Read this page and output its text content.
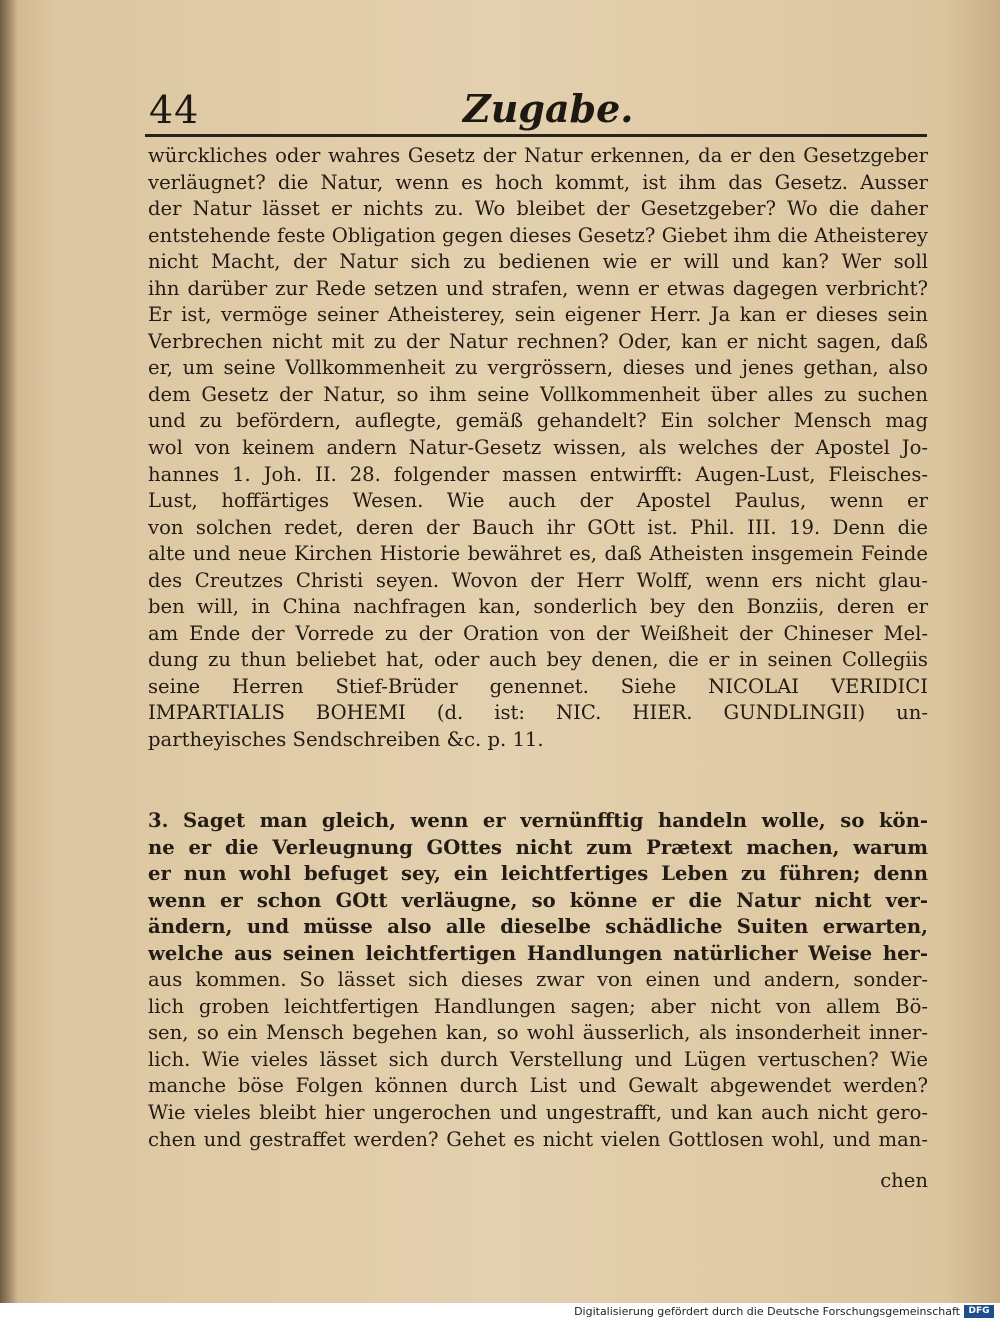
44	Zugabe.
würckliches oder wahres Gesetz der Natur erkennen, da er den Gesetzgeber
verläugnet? die Natur, wenn es hoch kommt, ist ihm das Gesetz. Ausser
der Natur lässet er nichts zu. Wo bleibet der Gesetzgeber? Wo die daher
entstehende feste Obligation gegen dieses Gesetz? Giebet ihm die Atheisterey
nicht Macht, der Natur sich zu bedienen wie er will und kan? Wer soll
ihn darüber zur Rede setzen und strafen, wenn er etwas dagegen verbricht?
Er ist, vermöge seiner Atheisterey, sein eigener Herr. Ja kan er dieses sein
Verbrechen nicht mit zu der Natur rechnen? Oder, kan er nicht sagen, daß
er, um seine Vollkommenheit zu vergrössern, dieses und jenes gethan, also
dem Gesetz der Natur, so ihm seine Vollkommenheit über alles zu suchen
und zu befördern, auflegte, gemäß gehandelt? Ein solcher Mensch mag
wol von keinem andern Natur-Gesetz wissen, als welches der Apostel Jo-
hannes 1. Joh. II. 28. folgender massen entwirfft: Augen-Lust, Fleisches-
Lust, hoffärtiges Wesen. Wie auch der Apostel Paulus, wenn er
von solchen redet, deren der Bauch ihr GOtt ist. Phil. III. 19. Denn die
alte und neue Kirchen Historie bewähret es, daß Atheisten insgemein Feinde
des Creutzes Christi seyen. Wovon der Herr Wolff, wenn ers nicht glau-
ben will, in China nachfragen kan, sonderlich bey den Bonziis, deren er
am Ende der Vorrede zu der Oration von der Weißheit der Chineser Mel-
dung zu thun beliebet hat, oder auch bey denen, die er in seinen Collegiis
seine Herren Stief-Brüder genennet. Siehe NICOLAI VERIDICI
IMPARTIALIS BOHEMI (d. ist: NIC. HIER. GUNDLINGII) un-
partheyisches Sendschreiben &c. p. 11.
3. Saget man gleich, wenn er vernünfftig handeln wolle, so kön-
ne er die Verleugnung GOttes nicht zum Prætext machen, warum
er nun wohl befuget sey, ein leichtfertiges Leben zu führen; denn
wenn er schon GOtt verläugne, so könne er die Natur nicht ver-
ändern, und müsse also alle dieselbe schädliche Suiten erwarten,
welche aus seinen leichtfertigen Handlungen natürlicher Weise her-
aus kommen. So lässet sich dieses zwar von einen und andern, sonder-
lich groben leichtfertigen Handlungen sagen; aber nicht von allem Bö-
sen, so ein Mensch begehen kan, so wohl äusserlich, als insonderheit inner-
lich. Wie vieles lässet sich durch Verstellung und Lügen vertuschen? Wie
manche böse Folgen können durch List und Gewalt abgewendet werden?
Wie vieles bleibt hier ungerochen und ungestrafft, und kan auch nicht gero-
chen und gestraffet werden? Gehet es nicht vielen Gottlosen wohl, und man-
chen
Digitalisierung gefördert durch die Deutsche Forschungsgemeinschaft DFG
